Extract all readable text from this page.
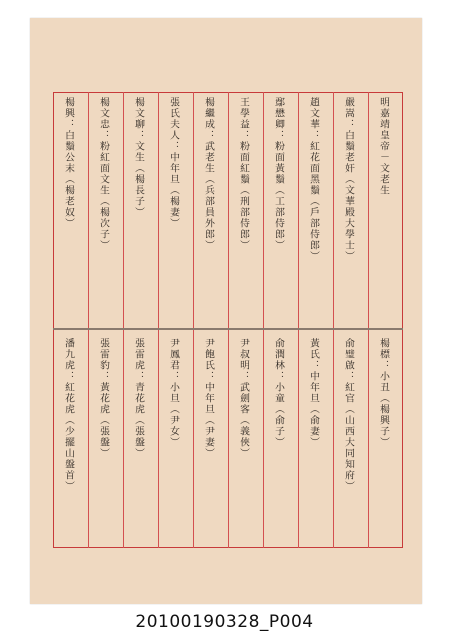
明嘉靖皇帝－文老生
嚴嵩：白鬚老奸（文華殿大學士）
趙文華：紅花面黑鬚（戶部侍郎）
鄢懋卿：粉面黃鬚（工部侍郎）
王學益：粉面紅鬚（刑部侍郎）
楊繼成：武老生（兵部員外郎）
張氏夫人：中年旦（楊妻）
楊文聊：文生（楊長子）
楊文忠：粉紅面文生（楊次子）
楊興：白鬚公末（楊老奴）
楊標：小丑（楊興子）
俞璧啟：紅官（山西大同知府）
黃氏：中年旦（俞妻）
俞潤林：小童（俞子）
尹叔明：武劍客（義俠）
尹飽氏：中年旦（尹妻）
尹鳳君：小旦（尹女）
張雷虎：青花虎（張盤）
張雷豹：黃花虎（張盤）
潘九虎：紅花虎（少擺山盤首）
20100190328_P004
